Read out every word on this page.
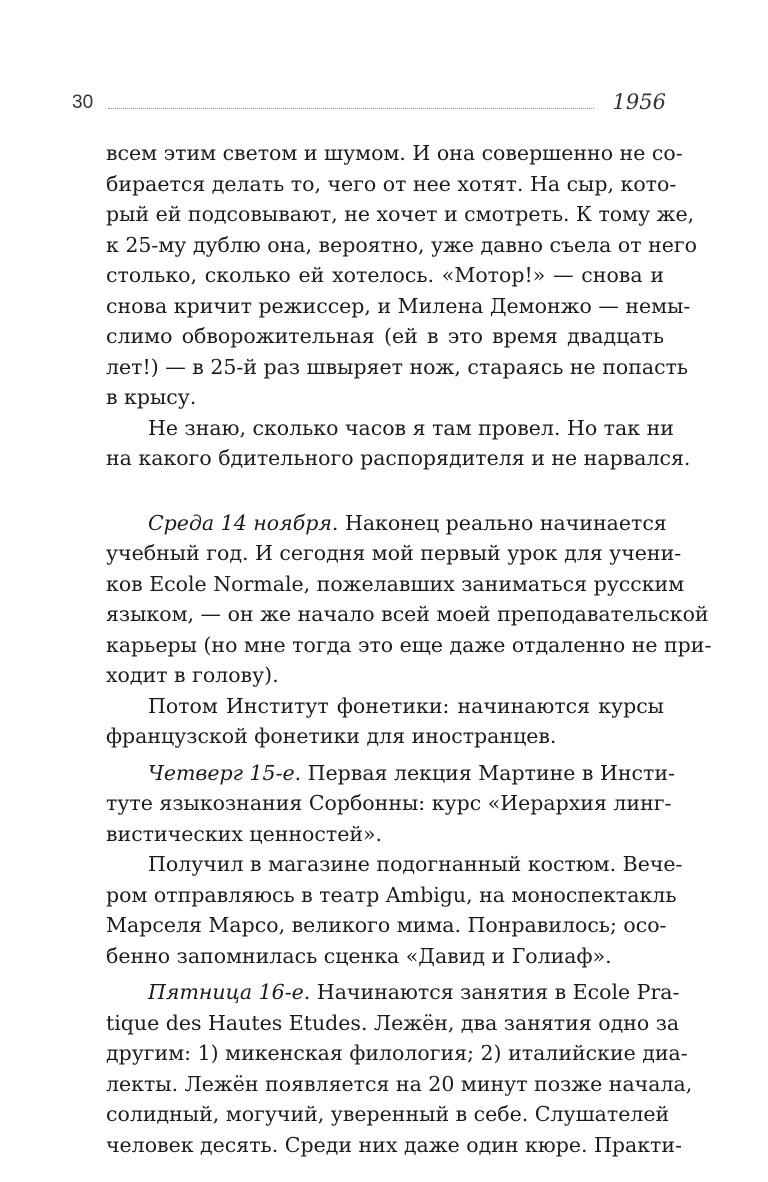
30	1956
всем этим светом и шумом. И она совершенно не со-
бирается делать то, чего от нее хотят. На сыр, кото-
рый ей подсовывают, не хочет и смотреть. К тому же,
к 25-му дублю она, вероятно, уже давно съела от него
столько, сколько ей хотелось. «Мотор!» — снова и
снова кричит режиссер, и Милена Демонжо — немы-
слимо обворожительная (ей в это время двадцать
лет!) — в 25-й раз швыряет нож, стараясь не попасть
в крысу.
Не знаю, сколько часов я там провел. Но так ни
на какого бдительного распорядителя и не нарвался.
Среда 14 ноября. Наконец реально начинается
учебный год. И сегодня мой первый урок для учени-
ков Ecole Normale, пожелавших заниматься русским
языком, — он же начало всей моей преподавательской
карьеры (но мне тогда это еще даже отдаленно не при-
ходит в голову).
Потом Институт фонетики: начинаются курсы
французской фонетики для иностранцев.
Четверг 15-е. Первая лекция Мартине в Инсти-
туте языкознания Сорбонны: курс «Иерархия линг-
вистических ценностей».
Получил в магазине подогнанный костюм. Вече-
ром отправляюсь в театр Ambigu, на моноспектакль
Марселя Марсо, великого мима. Понравилось; осо-
бенно запомнилась сценка «Давид и Голиаф».
Пятница 16-е. Начинаются занятия в Ecole Pra-
tique des Hautes Etudes. Лежён, два занятия одно за
другим: 1) микенская филология; 2) италийские диа-
лекты. Лежён появляется на 20 минут позже начала,
солидный, могучий, уверенный в себе. Слушателей
человек десять. Среди них даже один кюре. Практи-
